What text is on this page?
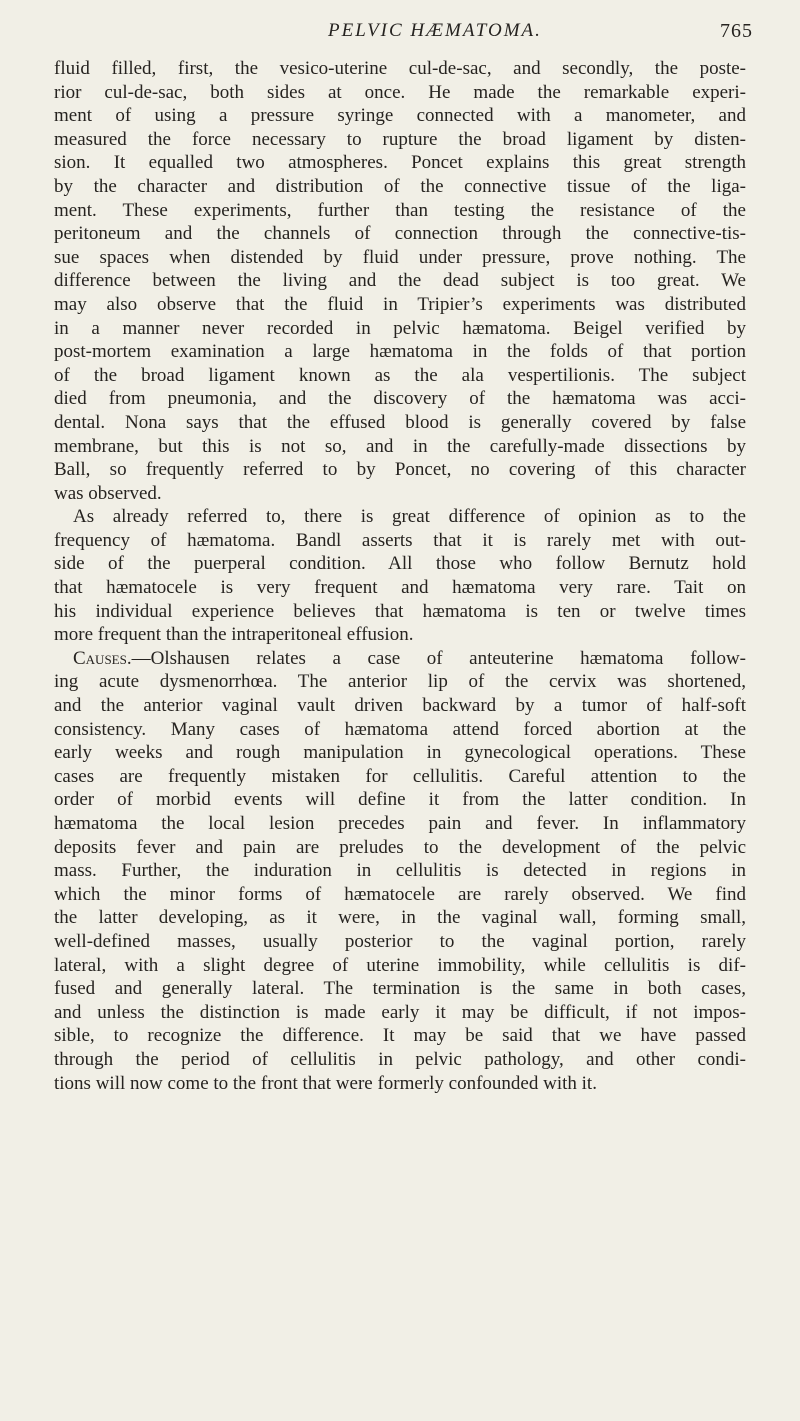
PELVIC HÆMATOMA.	765
fluid filled, first, the vesico-uterine cul-de-sac, and secondly, the poste-
rior cul-de-sac, both sides at once. He made the remarkable experi-
ment of using a pressure syringe connected with a manometer, and
measured the force necessary to rupture the broad ligament by disten-
sion. It equalled two atmospheres. Poncet explains this great strength
by the character and distribution of the connective tissue of the liga-
ment. These experiments, further than testing the resistance of the
peritoneum and the channels of connection through the connective-tis-
sue spaces when distended by fluid under pressure, prove nothing. The
difference between the living and the dead subject is too great. We
may also observe that the fluid in Tripier’s experiments was distributed
in a manner never recorded in pelvic hæmatoma. Beigel verified by
post-mortem examination a large hæmatoma in the folds of that portion
of the broad ligament known as the ala vespertilionis. The subject
died from pneumonia, and the discovery of the hæmatoma was acci-
dental. Nona says that the effused blood is generally covered by false
membrane, but this is not so, and in the carefully-made dissections by
Ball, so frequently referred to by Poncet, no covering of this character
was observed.
As already referred to, there is great difference of opinion as to the
frequency of hæmatoma. Bandl asserts that it is rarely met with out-
side of the puerperal condition. All those who follow Bernutz hold
that hæmatocele is very frequent and hæmatoma very rare. Tait on
his individual experience believes that hæmatoma is ten or twelve times
more frequent than the intraperitoneal effusion.
Causes.—Olshausen relates a case of anteuterine hæmatoma follow-
ing acute dysmenorrhœa. The anterior lip of the cervix was shortened,
and the anterior vaginal vault driven backward by a tumor of half-soft
consistency. Many cases of hæmatoma attend forced abortion at the
early weeks and rough manipulation in gynecological operations. These
cases are frequently mistaken for cellulitis. Careful attention to the
order of morbid events will define it from the latter condition. In
hæmatoma the local lesion precedes pain and fever. In inflammatory
deposits fever and pain are preludes to the development of the pelvic
mass. Further, the induration in cellulitis is detected in regions in
which the minor forms of hæmatocele are rarely observed. We find
the latter developing, as it were, in the vaginal wall, forming small,
well-defined masses, usually posterior to the vaginal portion, rarely
lateral, with a slight degree of uterine immobility, while cellulitis is dif-
fused and generally lateral. The termination is the same in both cases,
and unless the distinction is made early it may be difficult, if not impos-
sible, to recognize the difference. It may be said that we have passed
through the period of cellulitis in pelvic pathology, and other condi-
tions will now come to the front that were formerly confounded with it.
